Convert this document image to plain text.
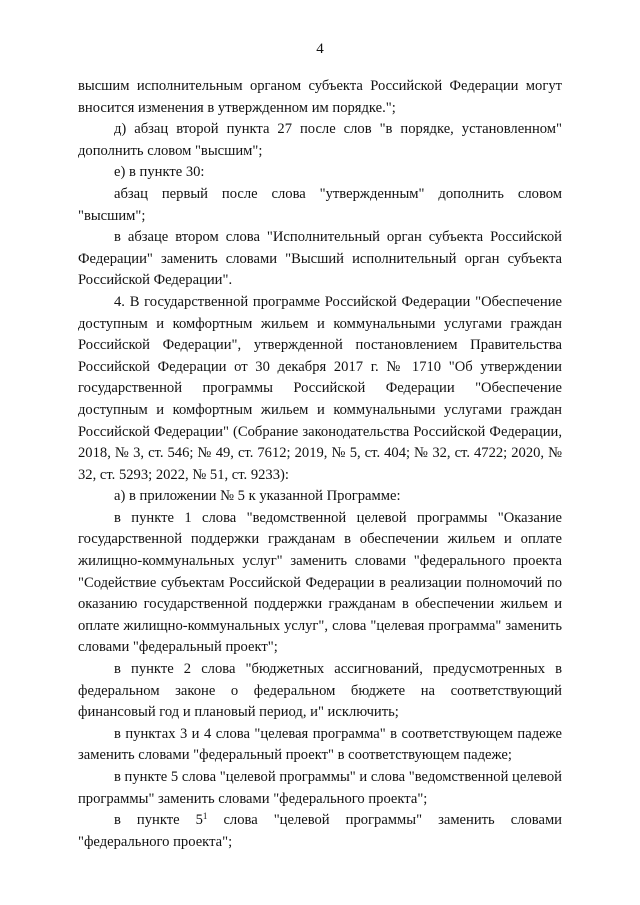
4

высшим исполнительным органом субъекта Российской Федерации могут вносится изменения в утвержденном им порядке.";

д) абзац второй пункта 27 после слов "в порядке, установленном" дополнить словом "высшим";

е) в пункте 30:

абзац первый после слова "утвержденным" дополнить словом "высшим";

в абзаце втором слова "Исполнительный орган субъекта Российской Федерации" заменить словами "Высший исполнительный орган субъекта Российской Федерации".

4. В государственной программе Российской Федерации "Обеспечение доступным и комфортным жильем и коммунальными услугами граждан Российской Федерации", утвержденной постановлением Правительства Российской Федерации от 30 декабря 2017 г. № 1710 "Об утверждении государственной программы Российской Федерации "Обеспечение доступным и комфортным жильем и коммунальными услугами граждан Российской Федерации" (Собрание законодательства Российской Федерации, 2018, № 3, ст. 546; № 49, ст. 7612; 2019, № 5, ст. 404; № 32, ст. 4722; 2020, № 32, ст. 5293; 2022, № 51, ст. 9233):

а) в приложении № 5 к указанной Программе:

в пункте 1 слова "ведомственной целевой программы "Оказание государственной поддержки гражданам в обеспечении жильем и оплате жилищно-коммунальных услуг" заменить словами "федерального проекта "Содействие субъектам Российской Федерации в реализации полномочий по оказанию государственной поддержки гражданам в обеспечении жильем и оплате жилищно-коммунальных услуг", слова "целевая программа" заменить словами "федеральный проект";

в пункте 2 слова "бюджетных ассигнований, предусмотренных в федеральном законе о федеральном бюджете на соответствующий финансовый год и плановый период, и" исключить;

в пунктах 3 и 4 слова "целевая программа" в соответствующем падеже заменить словами "федеральный проект" в соответствующем падеже;

в пункте 5 слова "целевой программы" и слова "ведомственной целевой программы" заменить словами "федерального проекта";

в пункте $5^1$ слова "целевой программы" заменить словами "федерального проекта";
